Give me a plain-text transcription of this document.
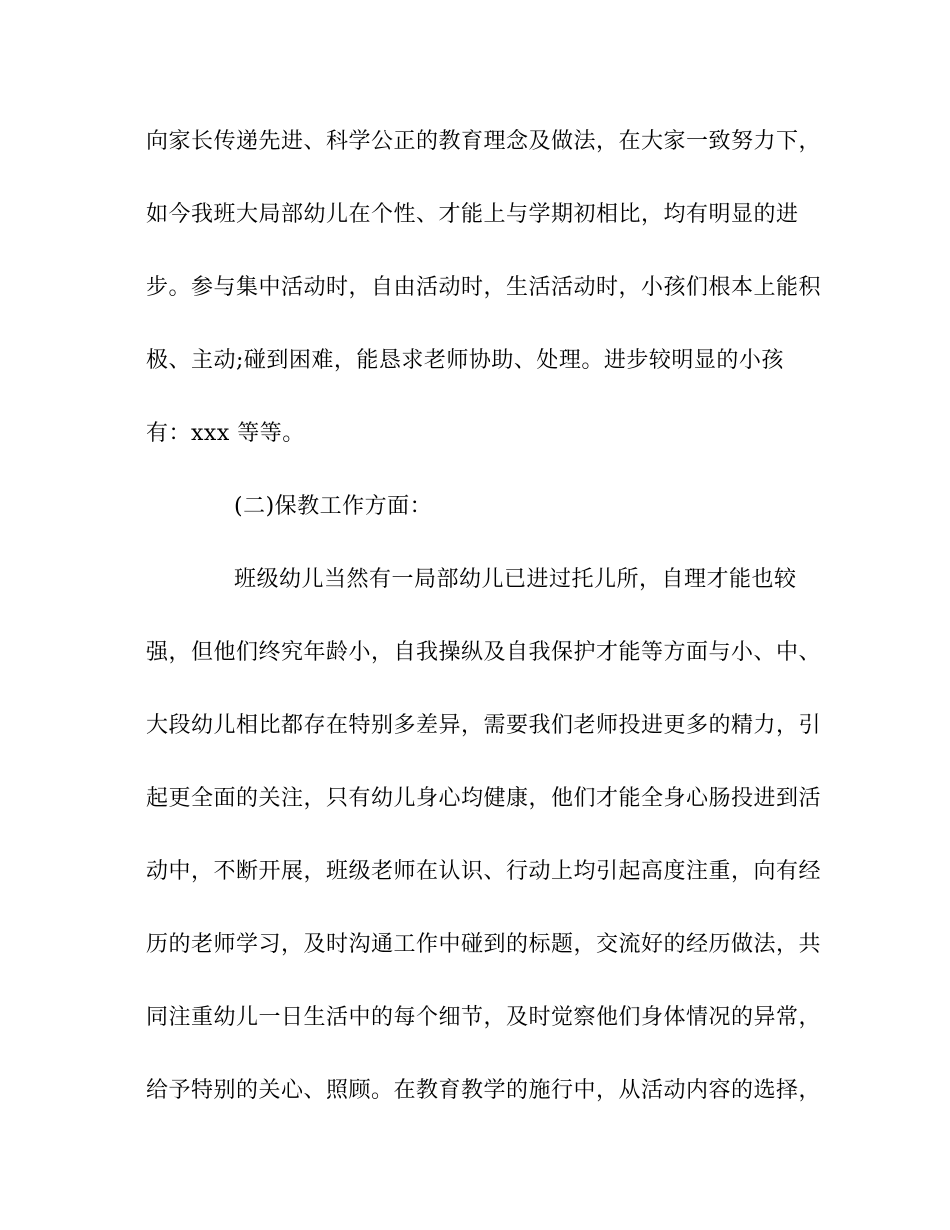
向家长传递先进、科学公正的教育理念及做法，在大家一致努力下，
如今我班大局部幼儿在个性、才能上与学期初相比，均有明显的进
步。参与集中活动时，自由活动时，生活活动时，小孩们根本上能积
极、主动;碰到困难，能恳求老师协助、处理。进步较明显的小孩
有：xxx 等等。
(二)保教工作方面：
班级幼儿当然有一局部幼儿已进过托儿所，自理才能也较
强，但他们终究年龄小，自我操纵及自我保护才能等方面与小、中、
大段幼儿相比都存在特别多差异，需要我们老师投进更多的精力，引
起更全面的关注，只有幼儿身心均健康，他们才能全身心肠投进到活
动中，不断开展，班级老师在认识、行动上均引起高度注重，向有经
历的老师学习，及时沟通工作中碰到的标题，交流好的经历做法，共
同注重幼儿一日生活中的每个细节，及时觉察他们身体情况的异常，
给予特别的关心、照顾。在教育教学的施行中，从活动内容的选择，
